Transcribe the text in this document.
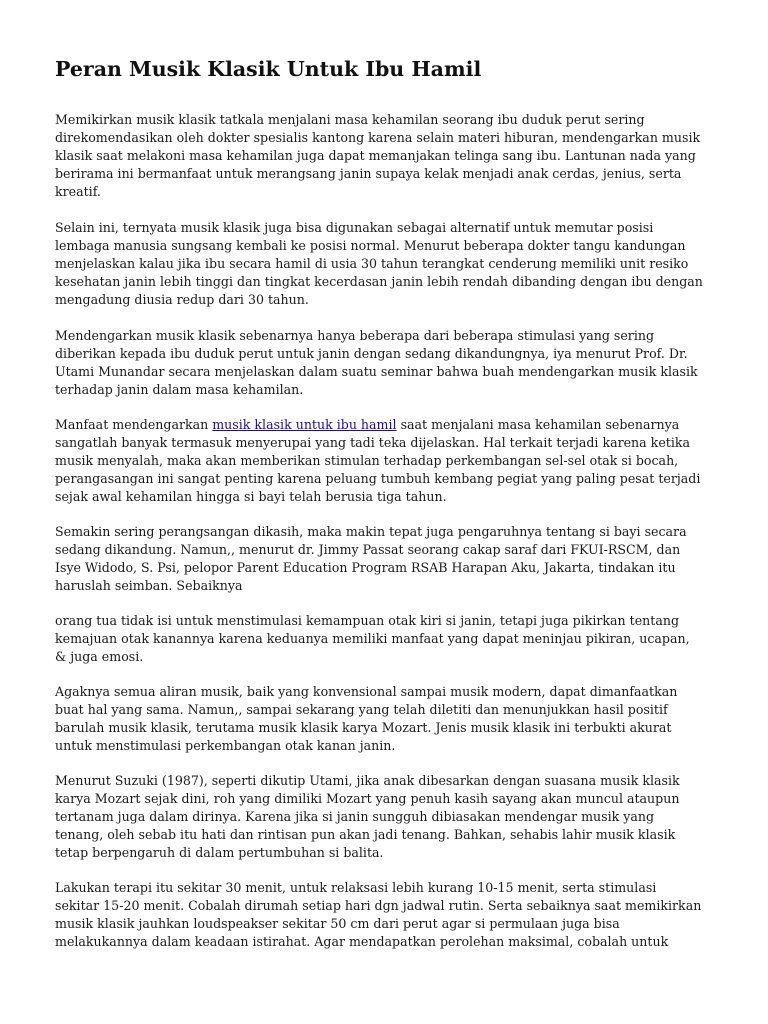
Peran Musik Klasik Untuk Ibu Hamil

Memikirkan musik klasik tatkala menjalani masa kehamilan seorang ibu duduk perut sering
direkomendasikan oleh dokter spesialis kantong karena selain materi hiburan, mendengarkan musik
klasik saat melakoni masa kehamilan juga dapat memanjakan telinga sang ibu. Lantunan nada yang
berirama ini bermanfaat untuk merangsang janin supaya kelak menjadi anak cerdas, jenius, serta
kreatif.

Selain ini, ternyata musik klasik juga bisa digunakan sebagai alternatif untuk memutar posisi
lembaga manusia sungsang kembali ke posisi normal. Menurut beberapa dokter tangu kandungan
menjelaskan kalau jika ibu secara hamil di usia 30 tahun terangkat cenderung memiliki unit resiko
kesehatan janin lebih tinggi dan tingkat kecerdasan janin lebih rendah dibanding dengan ibu dengan
mengadung diusia redup dari 30 tahun.

Mendengarkan musik klasik sebenarnya hanya beberapa dari beberapa stimulasi yang sering
diberikan kepada ibu duduk perut untuk janin dengan sedang dikandungnya, iya menurut Prof. Dr.
Utami Munandar secara menjelaskan dalam suatu seminar bahwa buah mendengarkan musik klasik
terhadap janin dalam masa kehamilan.

Manfaat mendengarkan musik klasik untuk ibu hamil saat menjalani masa kehamilan sebenarnya
sangatlah banyak termasuk menyerupai yang tadi teka dijelaskan. Hal terkait terjadi karena ketika
musik menyalah, maka akan memberikan stimulan terhadap perkembangan sel-sel otak si bocah,
perangasangan ini sangat penting karena peluang tumbuh kembang pegiat yang paling pesat terjadi
sejak awal kehamilan hingga si bayi telah berusia tiga tahun.

Semakin sering perangsangan dikasih, maka makin tepat juga pengaruhnya tentang si bayi secara
sedang dikandung. Namun,, menurut dr. Jimmy Passat seorang cakap saraf dari FKUI-RSCM, dan
Isye Widodo, S. Psi, pelopor Parent Education Program RSAB Harapan Aku, Jakarta, tindakan itu
haruslah seimban. Sebaiknya

orang tua tidak isi untuk menstimulasi kemampuan otak kiri si janin, tetapi juga pikirkan tentang
kemajuan otak kanannya karena keduanya memiliki manfaat yang dapat meninjau pikiran, ucapan,
& juga emosi.

Agaknya semua aliran musik, baik yang konvensional sampai musik modern, dapat dimanfaatkan
buat hal yang sama. Namun,, sampai sekarang yang telah diletiti dan menunjukkan hasil positif
barulah musik klasik, terutama musik klasik karya Mozart. Jenis musik klasik ini terbukti akurat
untuk menstimulasi perkembangan otak kanan janin.

Menurut Suzuki (1987), seperti dikutip Utami, jika anak dibesarkan dengan suasana musik klasik
karya Mozart sejak dini, roh yang dimiliki Mozart yang penuh kasih sayang akan muncul ataupun
tertanam juga dalam dirinya. Karena jika si janin sungguh dibiasakan mendengar musik yang
tenang, oleh sebab itu hati dan rintisan pun akan jadi tenang. Bahkan, sehabis lahir musik klasik
tetap berpengaruh di dalam pertumbuhan si balita.

Lakukan terapi itu sekitar 30 menit, untuk relaksasi lebih kurang 10-15 menit, serta stimulasi
sekitar 15-20 menit. Cobalah dirumah setiap hari dgn jadwal rutin. Serta sebaiknya saat memikirkan
musik klasik jauhkan loudspeakser sekitar 50 cm dari perut agar si permulaan juga bisa
melakukannya dalam keadaan istirahat. Agar mendapatkan perolehan maksimal, cobalah untuk
